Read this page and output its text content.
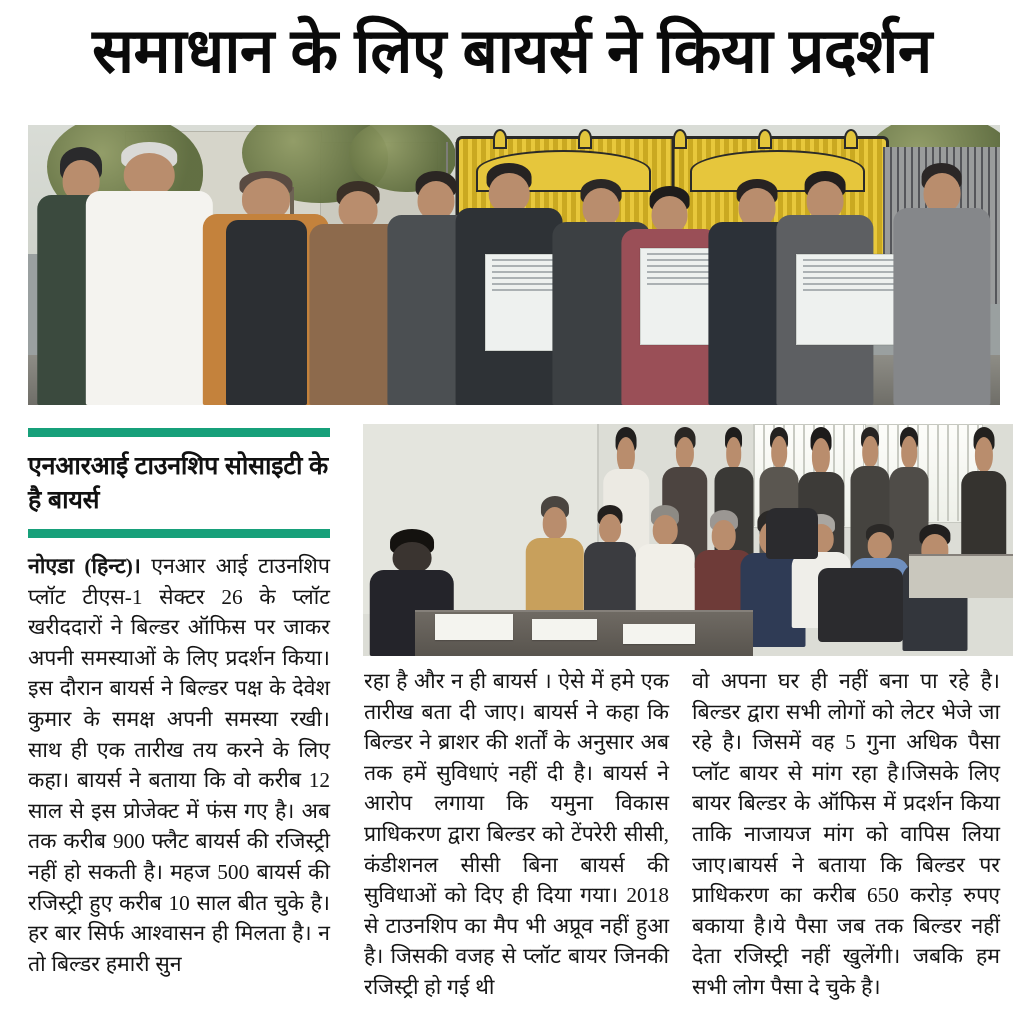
समाधान के लिए बायर्स ने किया प्रदर्शन
एनआरआई टाउनशिप सोसाइटी के है बायर्स
नोएडा (हिन्ट)। एनआर आई टाउनशिप प्लॉट टीएस-1 सेक्टर 26 के प्लॉट खरीददारों ने बिल्डर ऑफिस पर जाकर अपनी समस्याओं के लिए प्रदर्शन किया। इस दौरान बायर्स ने बिल्डर पक्ष के देवेश कुमार के समक्ष अपनी समस्या रखी। साथ ही एक तारीख तय करने के लिए कहा। बायर्स ने बताया कि वो करीब 12 साल से इस प्रोजेक्ट में फंस गए है। अब तक करीब 900 फ्लैट बायर्स की रजिस्ट्री नहीं हो सकती है। महज 500 बायर्स की रजिस्ट्री हुए करीब 10 साल बीत चुके है। हर बार सिर्फ आश्वासन ही मिलता है। न तो बिल्डर हमारी सुन
रहा है और न ही बायर्स । ऐसे में हमे एक तारीख बता दी जाए। बायर्स ने कहा कि बिल्डर ने ब्राशर की शर्तों के अनुसार अब तक हमें सुविधाएं नहीं दी है। बायर्स ने आरोप लगाया कि यमुना विकास प्राधिकरण द्वारा बिल्डर को टेंपरेरी सीसी, कंडीशनल सीसी बिना बायर्स की सुविधाओं को दिए ही दिया गया। 2018 से टाउनशिप का मैप भी अप्रूव नहीं हुआ है। जिसकी वजह से प्लॉट बायर जिनकी रजिस्ट्री हो गई थी
वो अपना घर ही नहीं बना पा रहे है। बिल्डर द्वारा सभी लोगों को लेटर भेजे जा रहे है। जिसमें वह 5 गुना अधिक पैसा प्लॉट बायर से मांग रहा है।जिसके लिए बायर बिल्डर के ऑफिस में प्रदर्शन किया ताकि नाजायज मांग को वापिस लिया जाए।बायर्स ने बताया कि बिल्डर पर प्राधिकरण का करीब 650 करोड़ रुपए बकाया है।ये पैसा जब तक बिल्डर नहीं देता रजिस्ट्री नहीं खुलेंगी। जबकि हम सभी लोग पैसा दे चुके है।
